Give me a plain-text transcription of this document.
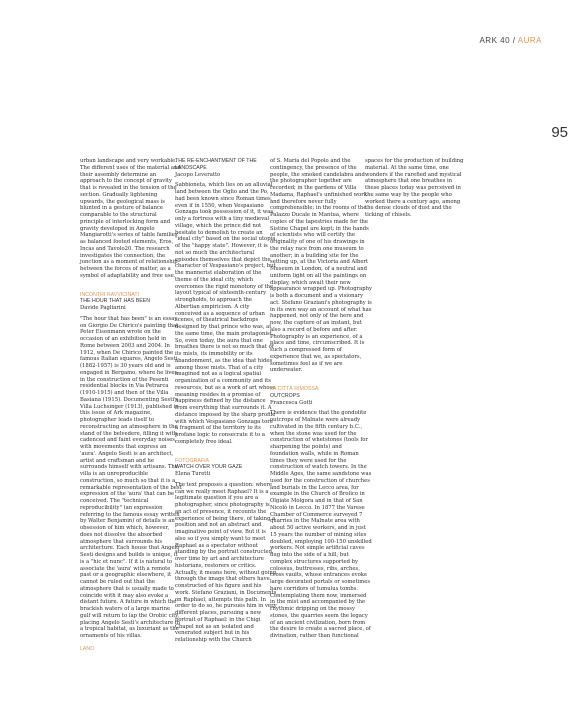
ARK 40 / AURA
95

urban landscape and very workable. The different uses of the material and their assembly determine an approach to the concept of gravity that is revealed in the tension of the section. Gradually lightening upwards, the geological mass is blunted in a gesture of balance comparable to the structural principle of interlocking form and gravity developed in Angelo Mangiarotti's series of table families as balanced footed elements, Eros, Incas and Tavolo20. The research investigates the connection, the junction as a moment of relationship between the forces of matter, as a symbol of adaptability and free use.

INCONTRI RAVVICINATI
THE HOUR THAT HAS BEEN
Davide Pagliarini

"The hour that has been" is an essay on Giorgio De Chirico's painting that Peter Eisenmann wrote on the occasion of an exhibition held in Rome between 2003 and 2004. In 1912, when De Chirico painted the famous Italian squares, Angelo Sesti (1882-1957) is 30 years old and is engaged in Bergamo, where he lives, in the construction of the Pesenti residential blocks in Via Petrarca (1910-1915) and then of the Villa Basiana (1915). Documenting Sesti's Villa Luchsinger (1913), published in this issue of Ark magazine, photographer leads itself to reconstructing an atmosphere in the stand of the belvedere, filling it with cadenced and faint everyday noises, with movements that express an 'aura'. Angelo Sesti is an architect, artist and craftsman and he surrounds himself with artisans. The villa is an unreproducible construction, so much so that it is a remarkable representation of the best expression of the 'aura' that can be conceived. The "technical reproducibility" (an expression referring to the famous essay written by Walter Benjamin) of details is an obsession of him which, however, does not dissolve the absorbed atmosphere that surrounds his architecture. Each house that Angelo Sesti designs and builds is unique, it is a "hic et nunc". If it is natural to associate the 'aura' with a remote past or a geographic elsewhere, it cannot be ruled out that the atmosphere that is usually made to coincide with it may also evoke a distant future. A future in which the brackish waters of a large marine gulf will return to lap the Orobic city, placing Angelo Sesti's architecture in a tropical habitat, as luxuriant as the ornaments of his villas.

LAND
THE RE-ENCHANTMENT OF THE LANDSCAPE
Jacopo Leveratto

Sabbioneta, which lies on an alluvial land between the Oglio and the Po, had been known since Roman times, even if in 1550, when Vespasiano Gonzaga took possession of it, it was only a fortress with a tiny medieval village, which the prince did not hesitate to demolish to create an "ideal city" based on the social utopia of the "happy state". However, it is not so much the architectural episodes themselves that depict the character of Vespasiano's project, but the mannerist elaboration of the theme of the ideal city, which overcomes the rigid monotony of the layout typical of sixteenth-century strongholds, to approach the Albertian empiricism. A city conceived as a sequence of urban scenes, of theatrical backdrops designed by that prince who was, at the same time, the main protagonist. So, even today, the aura that one breathes there is not so much that of its mists, its immobility or its abandonment, as the idea that hides among those mists. That of a city imagined not as a logical spatial organization of a community and its resources, but as a work of art whose meaning resides in a promise of happiness defined by the distance from everything that surrounds it. A distance imposed by the sharp profile with which Vespasiano Gonzaga tore a fragment of the territory to its profane logic to consecrate it to a completely free ideal.

FOTOGRAFIA
WATCH OVER YOUR GAZE
Elena Turetti

The text proposes a question: where can we really meet Raphael? It is a legitimate question if you are a photographer, since photography is an act of presence, it recounts the experience of being there, of taking a position and not an abstract and imaginative point of view. But it is also so if you simply want to meet Raphael as a spectator without standing by the portrait constructed over time by art and architecture historians, restorers or critics. Actually, it means here, without going through the image that others have constructed of his figure and his work. Stefano Graziani, in Documents on Raphael, attempts this path. In order to do so, he pursues him in very different places, pursuing a new portrait of Raphael: in the Chigi Chapel not as an isolated and venerated subject but in his relationship with the Church

of S. Maria del Popolo and the contingency, the presence of the people, the smoked candelabra and the photographer together are recorded; in the gardens of Villa Madama, Raphael's unfinished work and therefore never fully comprehensible; in the rooms of the Palazzo Ducale in Mantua, where copies of the tapestries made for the Sistine Chapel are kept; in the hands of scientists who will certify the originality of one of his drawings in the relay race from one museum to another; in a building site for the setting up, at the Victoria and Albert Museum in London, of a neutral and uniform light on all the paintings on display, which await their new appearance wrapped up. Photography is both a document and a visionary act. Stefano Graziani's photography is in its own way an account of what has happened, not only of the here and now, the capture of an instant, but also a record of before and after. Photography is an experience, of a place and time, circumscribed. It is such a compressed form of experience that we, as spectators, sometimes feel as if we are underwater.

LA CITTÀ RIMOSSA
OUTCROPS
Francesca Gotti

There is evidence that the gondolite outcrops of Malnate were already cultivated in the fifth century b.C., when the stone was used for the construction of whetstones (tools for sharpening the points) and foundation walls, while in Roman times they were used for the construction of watch towers. In the Middle Ages, the same sandstone was used for the construction of churches and burials in the Lecco area, for example in the Church of Brolico in Olgiate Molgora and in that of San Nicolò in Lecco. In 1877 the Varese Chamber of Commerce surveyed 7 quarries in the Malnate area with about 50 active workers, and in just 15 years the number of mining sites doubled, employing 100-150 unskilled workers. Not simple artificial caves dug into the side of a hill, but complex structures supported by colossus, buttresses, ribs, arches, cross vaults, whose entrances evoke large decorated portals or sometimes bare corridors of tumulus tombs. Contemplating them now, immersed in the mist and accompanied by the rhythmic dripping on the mossy stones, the quarries seem the legacy of an ancient civilization, born from the desire to create a sacred place, of divination, rather than functional

spaces for the production of building material. At the same time, one wonders if the rarefied and mystical atmosphere that one breathes in these places today was perceived in the same way by the people who worked there a century ago, among the dense clouds of dust and the ticking of chisels.
